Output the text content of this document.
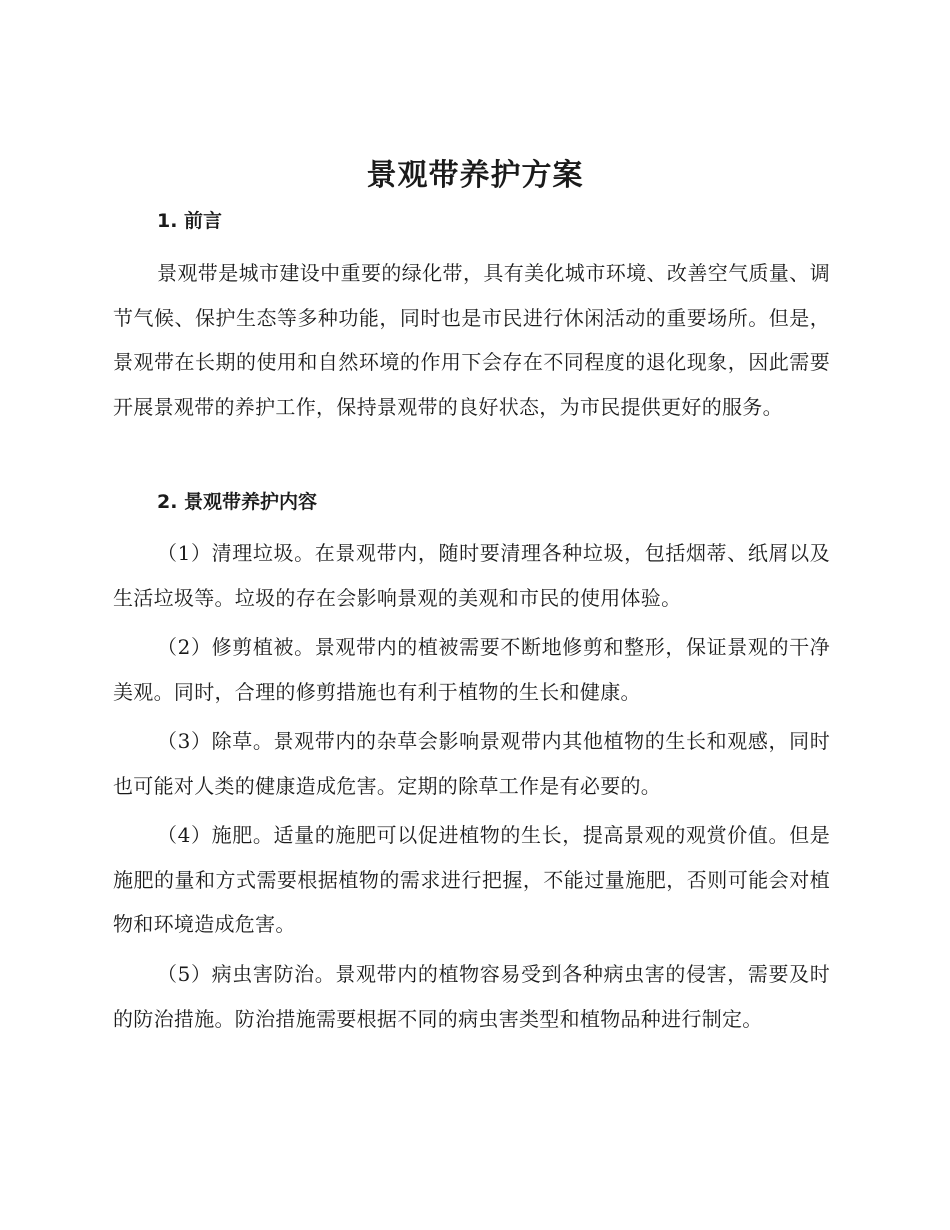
景观带养护方案
1. 前言

景观带是城市建设中重要的绿化带，具有美化城市环境、改善空气质量、调节气候、保护生态等多种功能，同时也是市民进行休闲活动的重要场所。但是，景观带在长期的使用和自然环境的作用下会存在不同程度的退化现象，因此需要开展景观带的养护工作，保持景观带的良好状态，为市民提供更好的服务。

2. 景观带养护内容

（1）清理垃圾。在景观带内，随时要清理各种垃圾，包括烟蒂、纸屑以及生活垃圾等。垃圾的存在会影响景观的美观和市民的使用体验。

（2）修剪植被。景观带内的植被需要不断地修剪和整形，保证景观的干净美观。同时，合理的修剪措施也有利于植物的生长和健康。

（3）除草。景观带内的杂草会影响景观带内其他植物的生长和观感，同时也可能对人类的健康造成危害。定期的除草工作是有必要的。

（4）施肥。适量的施肥可以促进植物的生长，提高景观的观赏价值。但是施肥的量和方式需要根据植物的需求进行把握，不能过量施肥，否则可能会对植物和环境造成危害。

（5）病虫害防治。景观带内的植物容易受到各种病虫害的侵害，需要及时的防治措施。防治措施需要根据不同的病虫害类型和植物品种进行制定。
